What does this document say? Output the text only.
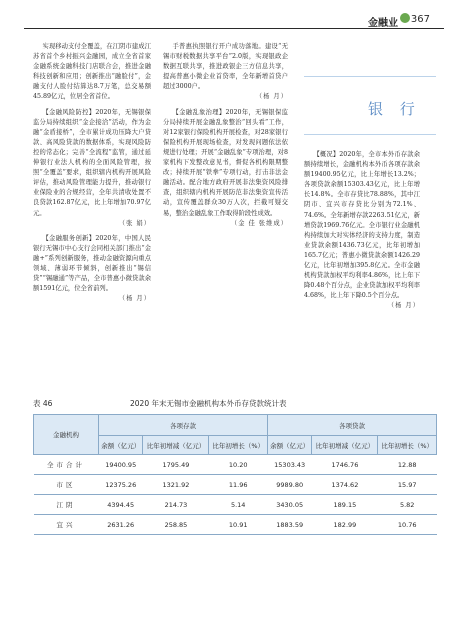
金融业 367

实现移动支付全覆盖，在江阴市建成江苏省首个乡村振兴金融园，成立全省首家金融系统金融科技门店联合会，推进金融科技创新和应用；创新推出“融脸付”，金融支付人脸付结算达8.7万笔，总交易额45.89亿元，位居全省首位。

【金融风险防控】2020年，无锡银保监分局持续组织“金企接洽”活动，作为金融“金盾接桥”，全市累计成功压降大户贷款、高风险贷款的数据体系，实现风险防控的常态化；完善“全流程”监管，通过延伸银行业法人机构的全面风险管理，按照“全覆盖”要求，组织辖内机构开展风险评估，推动风险管理能力提升，推动银行业保险业的合规经营，全年共清收处置不良贷款162.87亿元，比上年增加70.97亿元。

（张 娟）

【金融服务创新】2020年，中国人民银行无锡市中心支行会同相关部门推出“金融+”系列创新服务，推动金融资源向重点领域、薄弱环节倾斜，创新推出“锡信贷”“锡融通”等产品，全市普惠小微贷款余额1591亿元，位全省前列。

（杨 月）

手普惠执照银行开户成功落地。建设“无锡市财税数据共享平台”2.0版，实现银政企数据互联共享，推进政银企三方信息共享，提高普惠小微企业首贷率，全年新增首贷户超过3000户。

（杨 月）

【金融乱象治理】2020年，无锡银保监分局持续开展金融乱象整治“回头看”工作，对12家银行保险机构开展检查，对28家银行保险机构开展现场检查，对发现问题依法依规进行处理；开展“金融乱象”专项治理，对8家机构下发整改意见书，督促各机构限期整改；持续开展“铁拳”专项行动，打击非法金融活动。配合地方政府开展非法集资风险排查，组织辖内机构开展防范非法集资宣传活动，宣传覆盖群众30万人次，拦截可疑交易，整治金融乱象工作取得阶段性成效。

（金 佳 张维成）

银 行

【概况】2020年，全市本外币存款余额持续增长，金融机构本外币各项存款余额19400.95亿元，比上年增长13.2%；各项贷款余额15303.43亿元，比上年增长14.8%。全市存贷比78.88%，其中江阴市、宜兴市存贷比分别为72.1%、74.6%。全年新增存款2263.51亿元，新增贷款1969.76亿元。全市银行业金融机构持续加大对实体经济的支持力度，制造业贷款余额1436.73亿元，比年初增加165.7亿元；普惠小微贷款余额1426.29亿元，比年初增加395.8亿元。全市金融机构贷款加权平均利率4.86%，比上年下降0.48个百分点，企业贷款加权平均利率4.68%，比上年下降0.5个百分点。

（杨 月）

表 46	2020 年末无锡市金融机构本外币存贷款统计表
金融机构	各项存款			各项贷款		
	余额（亿元）	比年初增减（亿元）	比年初增长（%）	余额（亿元）	比年初增减（亿元）	比年初增长（%）
全市合计	19400.95	1795.49	10.20	15303.43	1746.76	12.88
市区	12375.26	1321.92	11.96	9989.80	1374.62	15.97
江阴	4394.45	214.73	5.14	3430.05	189.15	5.82
宜兴	2631.26	258.85	10.91	1883.59	182.99	10.76
